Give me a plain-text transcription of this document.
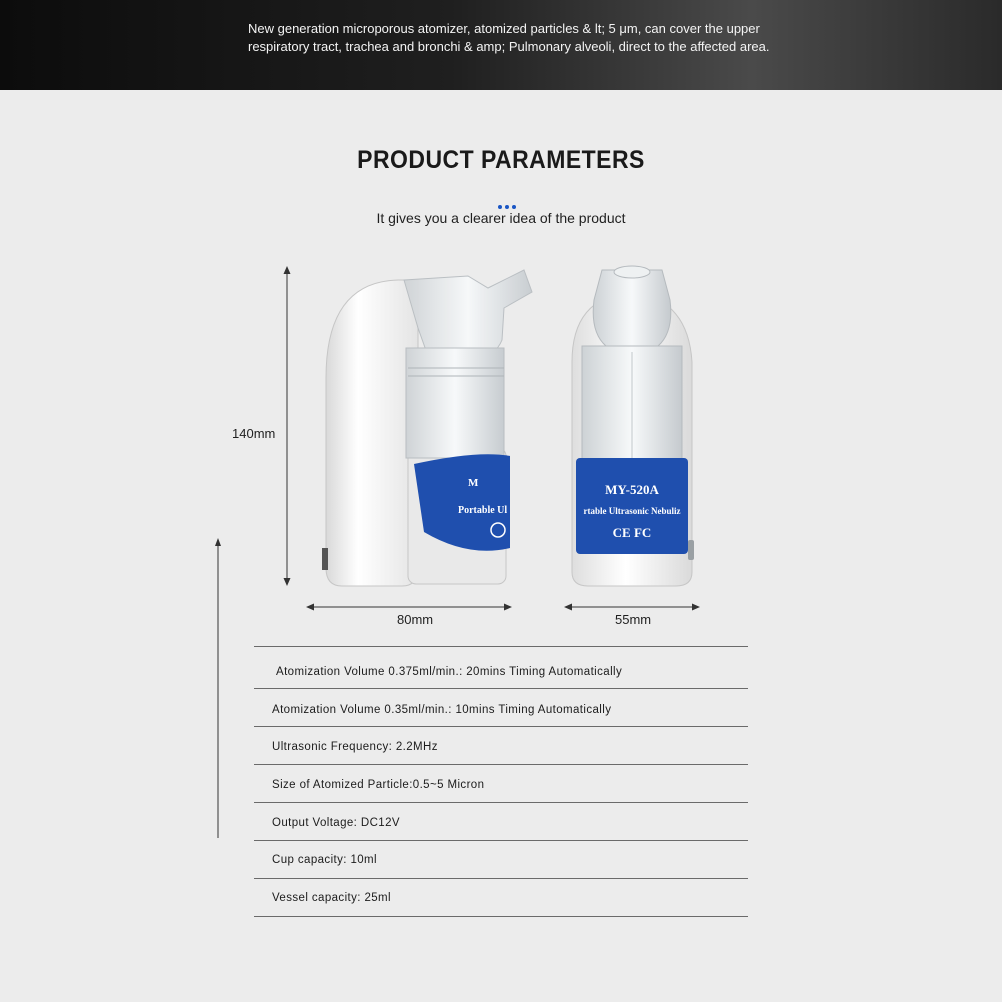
New generation microporous atomizer, atomized particles & lt; 5 μm, can cover the upper respiratory tract, trachea and bronchi & amp; Pulmonary alveoli, direct to the affected area.
PRODUCT PARAMETERS
It gives you a clearer idea of the product
140mm
80mm	55mm
M
Portable Ul
MY-520A
rtable Ultrasonic Nebuliz
CE FC
Atomization Volume 0.375ml/min.: 20mins Timing Automatically
Atomization Volume 0.35ml/min.: 10mins Timing Automatically
Ultrasonic Frequency: 2.2MHz
Size of Atomized Particle:0.5~5 Micron
Output Voltage: DC12V
Cup capacity: 10ml
Vessel capacity: 25ml
